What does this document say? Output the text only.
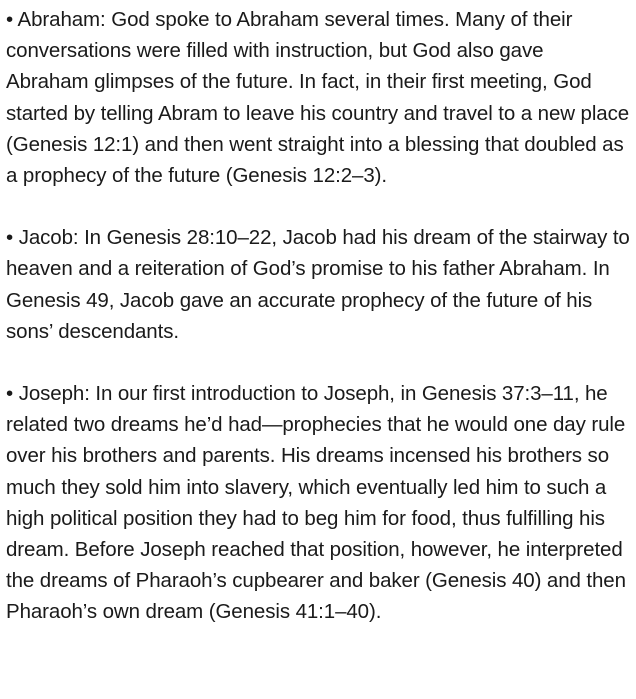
• Abraham: God spoke to Abraham several times. Many of their conversations were filled with instruction, but God also gave Abraham glimpses of the future. In fact, in their first meeting, God started by telling Abram to leave his country and travel to a new place (Genesis 12:1) and then went straight into a blessing that doubled as a prophecy of the future (Genesis 12:2–3).

• Jacob: In Genesis 28:10–22, Jacob had his dream of the stairway to heaven and a reiteration of God’s promise to his father Abraham. In Genesis 49, Jacob gave an accurate prophecy of the future of his sons’ descendants.

• Joseph: In our first introduction to Joseph, in Genesis 37:3–11, he related two dreams he’d had—prophecies that he would one day rule over his brothers and parents. His dreams incensed his brothers so much they sold him into slavery, which eventually led him to such a high political position they had to beg him for food, thus fulfilling his dream. Before Joseph reached that position, however, he interpreted the dreams of Pharaoh’s cupbearer and baker (Genesis 40) and then Pharaoh’s own dream (Genesis 41:1–40).
